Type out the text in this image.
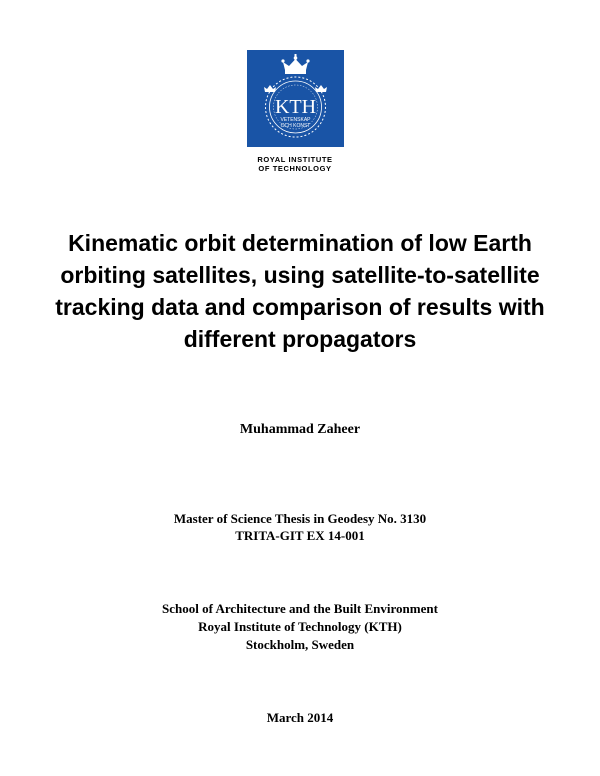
KTH
VETENSKAP
OCH KONST
ROYAL INSTITUTE
OF TECHNOLOGY
Kinematic orbit determination of low Earth
orbiting satellites, using satellite-to-satellite
tracking data and comparison of results with
different propagators
Muhammad Zaheer
Master of Science Thesis in Geodesy No. 3130
TRITA-GIT EX 14-001
School of Architecture and the Built Environment
Royal Institute of Technology (KTH)
Stockholm, Sweden
March 2014
